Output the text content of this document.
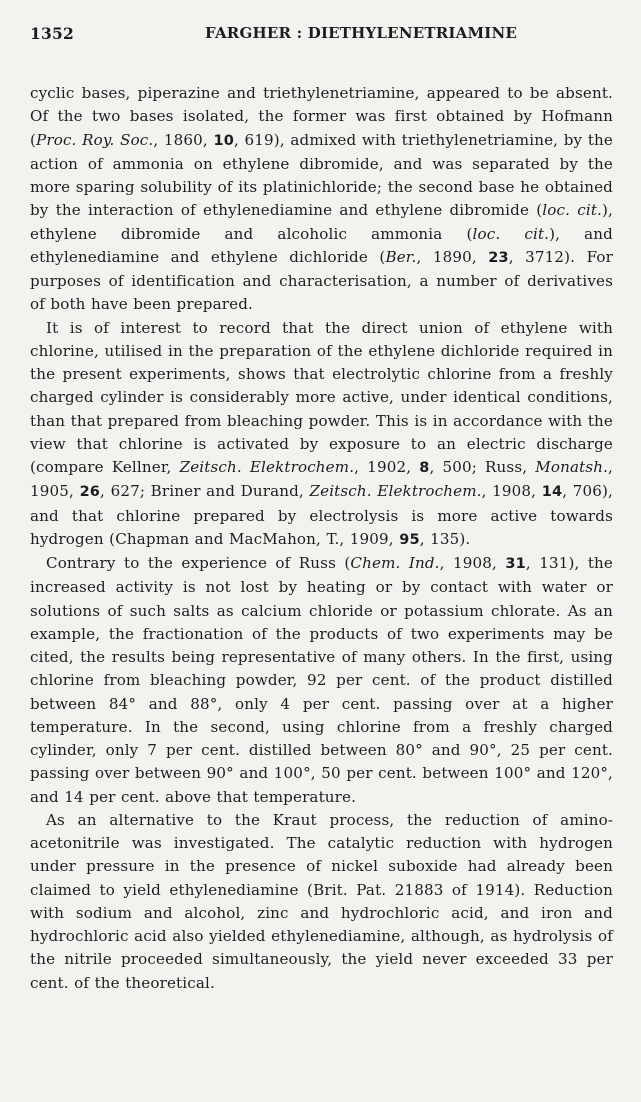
1352	FARGHER : DIETHYLENETRIAMINE

cyclic bases, piperazine and triethylenetriamine, appeared to be absent. Of the two bases isolated, the former was first obtained by Hofmann (Proc. Roy. Soc., 1860, 10, 619), admixed with triethylenetriamine, by the action of ammonia on ethylene dibromide, and was separated by the more sparing solubility of its platinichloride; the second base he obtained by the interaction of ethylenediamine and ethylene dibromide (loc. cit.), ethylene dibromide and alcoholic ammonia (loc. cit.), and ethylenediamine and ethylene dichloride (Ber., 1890, 23, 3712). For purposes of identification and characterisation, a number of derivatives of both have been prepared.

It is of interest to record that the direct union of ethylene with chlorine, utilised in the preparation of the ethylene dichloride required in the present experiments, shows that electrolytic chlorine from a freshly charged cylinder is considerably more active, under identical conditions, than that prepared from bleaching powder. This is in accordance with the view that chlorine is activated by exposure to an electric discharge (compare Kellner, Zeitsch. Elektrochem., 1902, 8, 500; Russ, Monatsh., 1905, 26, 627; Briner and Durand, Zeitsch. Elektrochem., 1908, 14, 706), and that chlorine prepared by electrolysis is more active towards hydrogen (Chapman and MacMahon, T., 1909, 95, 135).

Contrary to the experience of Russ (Chem. Ind., 1908, 31, 131), the increased activity is not lost by heating or by contact with water or solutions of such salts as calcium chloride or potassium chlorate. As an example, the fractionation of the products of two experiments may be cited, the results being representative of many others. In the first, using chlorine from bleaching powder, 92 per cent. of the product distilled between 84° and 88°, only 4 per cent. passing over at a higher temperature. In the second, using chlorine from a freshly charged cylinder, only 7 per cent. distilled between 80° and 90°, 25 per cent. passing over between 90° and 100°, 50 per cent. between 100° and 120°, and 14 per cent. above that temperature.

As an alternative to the Kraut process, the reduction of aminoacetonitrile was investigated. The catalytic reduction with hydrogen under pressure in the presence of nickel suboxide had already been claimed to yield ethylenediamine (Brit. Pat. 21883 of 1914). Reduction with sodium and alcohol, zinc and hydrochloric acid, and iron and hydrochloric acid also yielded ethylenediamine, although, as hydrolysis of the nitrile proceeded simultaneously, the yield never exceeded 33 per cent. of the theoretical.
